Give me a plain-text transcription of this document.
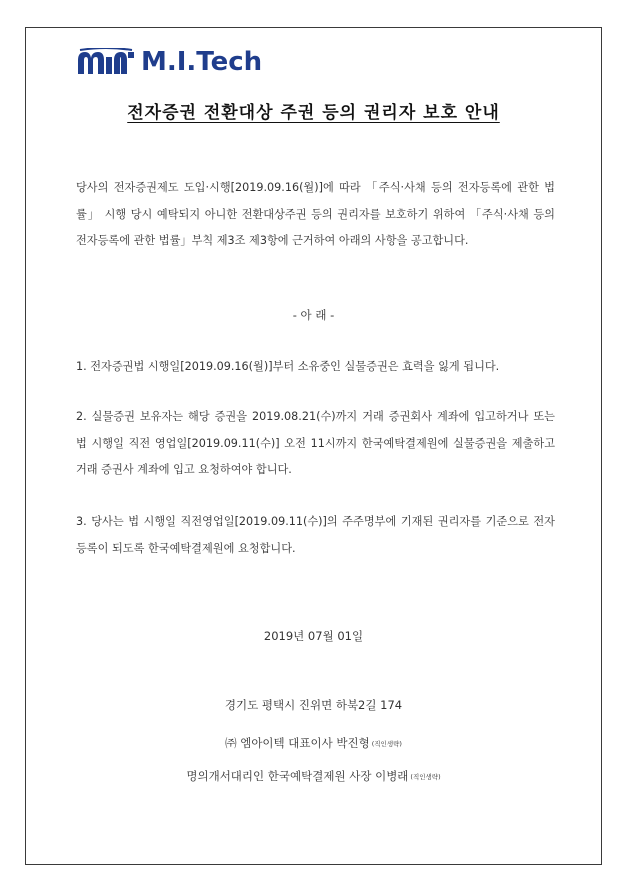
M.I.Tech
전자증권 전환대상 주권 등의 권리자 보호 안내
당사의 전자증권제도 도입·시행[2019.09.16(월)]에 따라 「주식·사채 등의 전자등록에 관한 법률」 시행 당시 예탁되지 아니한 전환대상주권 등의 권리자를 보호하기 위하여 「주식·사채 등의 전자등록에 관한 법률」부칙 제3조 제3항에 근거하여 아래의 사항을 공고합니다.
- 아 래 -
1. 전자증권법 시행일[2019.09.16(월)]부터 소유중인 실물증권은 효력을 잃게 됩니다.
2. 실물증권 보유자는 해당 증권을 2019.08.21(수)까지 거래 증권회사 계좌에 입고하거나 또는 법 시행일 직전 영업일[2019.09.11(수)] 오전 11시까지 한국예탁결제원에 실물증권을 제출하고 거래 증권사 계좌에 입고 요청하여야 합니다.
3. 당사는 법 시행일 직전영업일[2019.09.11(수)]의 주주명부에 기재된 권리자를 기준으로 전자등록이 되도록 한국예탁결제원에 요청합니다.
2019년 07월 01일
경기도 평택시 진위면 하북2길 174
㈜ 엠아이텍 대표이사 박진형 (직인생략)
명의개서대리인 한국예탁결제원 사장 이병래 (직인생략)
